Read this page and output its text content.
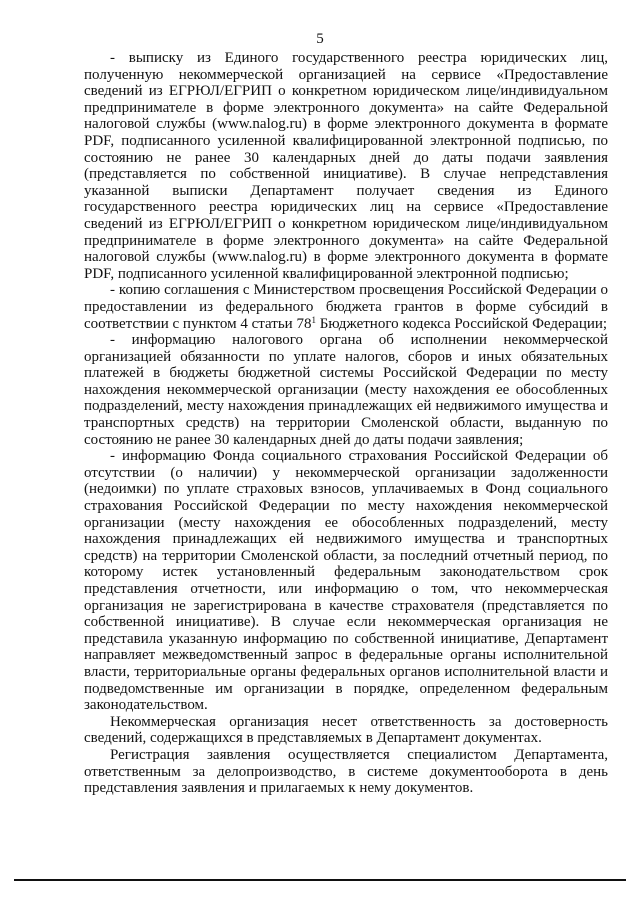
5

- выписку из Единого государственного реестра юридических лиц, полученную некоммерческой организацией на сервисе «Предоставление сведений из ЕГРЮЛ/ЕГРИП о конкретном юридическом лице/индивидуальном предпринимателе в форме электронного документа» на сайте Федеральной налоговой службы (www.nalog.ru) в форме электронного документа в формате PDF, подписанного усиленной квалифицированной электронной подписью, по состоянию не ранее 30 календарных дней до даты подачи заявления (представляется по собственной инициативе). В случае непредставления указанной выписки Департамент получает сведения из Единого государственного реестра юридических лиц на сервисе «Предоставление сведений из ЕГРЮЛ/ЕГРИП о конкретном юридическом лице/индивидуальном предпринимателе в форме электронного документа» на сайте Федеральной налоговой службы (www.nalog.ru) в форме электронного документа в формате PDF, подписанного усиленной квалифицированной электронной подписью;

- копию соглашения с Министерством просвещения Российской Федерации о предоставлении из федерального бюджета грантов в форме субсидий в соответствии с пунктом 4 статьи $78^1$ Бюджетного кодекса Российской Федерации;

- информацию налогового органа об исполнении некоммерческой организацией обязанности по уплате налогов, сборов и иных обязательных платежей в бюджеты бюджетной системы Российской Федерации по месту нахождения некоммерческой организации (месту нахождения ее обособленных подразделений, месту нахождения принадлежащих ей недвижимого имущества и транспортных средств) на территории Смоленской области, выданную по состоянию не ранее 30 календарных дней до даты подачи заявления;

- информацию Фонда социального страхования Российской Федерации об отсутствии (о наличии) у некоммерческой организации задолженности (недоимки) по уплате страховых взносов, уплачиваемых в Фонд социального страхования Российской Федерации по месту нахождения некоммерческой организации (месту нахождения ее обособленных подразделений, месту нахождения принадлежащих ей недвижимого имущества и транспортных средств) на территории Смоленской области, за последний отчетный период, по которому истек установленный федеральным законодательством срок представления отчетности, или информацию о том, что некоммерческая организация не зарегистрирована в качестве страхователя (представляется по собственной инициативе). В случае если некоммерческая организация не представила указанную информацию по собственной инициативе, Департамент направляет межведомственный запрос в федеральные органы исполнительной власти, территориальные органы федеральных органов исполнительной власти и подведомственные им организации в порядке, определенном федеральным законодательством.

Некоммерческая организация несет ответственность за достоверность сведений, содержащихся в представляемых в Департамент документах.

Регистрация заявления осуществляется специалистом Департамента, ответственным за делопроизводство, в системе документооборота в день представления заявления и прилагаемых к нему документов.
